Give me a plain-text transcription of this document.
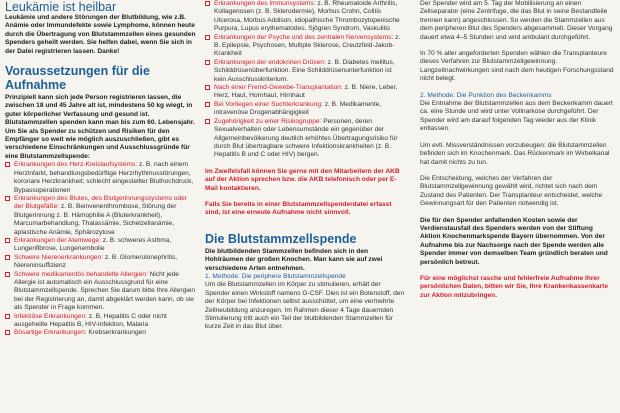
Leukämie ist heilbar

Leukämie und andere Störungen der Blutbildung, wie z.B. Anämie oder Immundefekte sowie Lymphome, können heute durch die Übertragung von Blutstammzellen eines gesunden Spenders geheilt werden. Sie helfen dabei, wenn Sie sich in der Datei registrieren lassen. Danke!

Voraussetzungen für die Aufnahme

Prinzipiell kann sich jede Person registrieren lassen, die zwischen 18 und 45 Jahre alt ist, mindestens 50 kg wiegt, in guter körperlicher Verfassung und gesund ist. Blutstammzellen spenden kann man bis zum 60. Lebensjahr. Um Sie als Spender zu schützen und Risiken für den Empfänger so weit wie möglich auszuschließen, gibt es verschiedene Einschränkungen und Ausschlussgründe für eine Blutstammzellspende:

Erkrankungen des Herz-Kreislaufsystems: z. B. nach einem Herzinfarkt, behandlungsbedürftige Herzrhythmusstörungen, koronare Herzkrankheit; schlecht eingestellter Bluthochdruck, Bypassoperationen
Erkrankungen des Blutes, des Blutgerinnungssystems oder der Blutgefäße: z. B. Beinvenenthrombose, Störung der Blutgerinnung z. B. Hämophilie A (Bluterkrankheit), Marcumarbehandlung, Thalassämie, Sichelzellanämie, aplastische Anämie, Sphärozytose
Erkrankungen der Atemwege: z. B. schweres Asthma, Lungenfibrose, Lungenembolie
Schwere Nierenerkrankungen: z. B. Glomerulonephritis, Niereninsuffizienz
Schwere medikamentös behandelte Allergien: Nicht jede Allergie ist automatisch ein Ausschlussgrund für eine Blutstammzellspende. Sprechen Sie darum bitte Ihre Allergien bei der Registrierung an, damit abgeklärt werden kann, ob sie als Spender in Frage kommen.
Infektiöse Erkrankungen: z. B. Hepatitis C oder nicht ausgeheilte Hepatitis B, HIV-Infektion, Malaria
Bösartige Erkrankungen: Krebserkrankungen
Erkrankungen des Immunsystems: z. B. Rheumatoide Arthritis, Kollagenosen (z. B. Sklerodermie), Morbus Crohn, Colitis Ulcerosa, Morbus Addison, idiopathische Thrombozytopenische Purpura, Lupus erythematodes, Sjögren Syndrom, Vaskulitis
Erkrankungen der Psyche und des zentralen Nervensystems: z. B. Epilepsie, Psychosen, Multiple Sklerose, Creutzfeld-Jakob-Krankheit
Erkrankungen der endokrinen Drüsen: z. B. Diabetes mellitus, Schilddrüsenüberfunktion. Eine Schilddrüsenunterfunktion ist kein Ausschlusskriterium.
Nach einer Fremd-Gewebe-Transplantation: z. B. Niere, Leber, Herz, Haut, Hornhaut, Hirnhaut
Bei Vorliegen einer Suchterkrankung: z. B. Medikamente, intravenöse Drogenabhängigkeit
Zugehörigkeit zu einer Risikogruppe: Personen, deren Sexualverhalten oder Lebensumstände ein gegenüber der Allgemeinbevölkerung deutlich erhöhtes Übertragungsrisiko für durch Blut übertragbare schwere Infektionskrankheiten (z. B. Hepatitis B und C oder HIV) bergen.

Im Zweifelsfall können Sie gerne mit den Mitarbeitern der AKB auf der Aktion sprechen bzw. die AKB telefonisch oder per E-Mail kontaktieren.

Falls Sie bereits in einer Blutstammzellspenderdatei erfasst sind, ist eine erneute Aufnahme nicht sinnvoll.

Die Blutstammzellspende

Die blutbildenden Stammzellen befinden sich in den Hohlräumen der großen Knochen. Man kann sie auf zwei verschiedene Arten entnehmen.

1. Methode: Die periphere Blutstammzellspende

Um die Blutstammzellen im Körper zu stimulieren, erhält der Spender einen Wirkstoff namens G-CSF. Dies ist ein Botenstoff, den der Körper bei Infektionen selbst ausschüttet, um eine vermehrte Zellneubildung anzuregen. Im Rahmen dieser 4 Tage dauernden Stimulierung tritt auch ein Teil der blutbildenden Stammzellen für kurze Zeit in das Blut über.

Der Spender wird am 5. Tag der Mobilisierung an einen Zellseparator (eine Zentrifuge, die das Blut in seine Bestandteile trennen kann) angeschlossen. So werden die Stammzellen aus dem peripheren Blut des Spenders abgesammelt. Dieser Vorgang dauert etwa 4–5 Stunden und wird ambulant durchgeführt.

In 70 % aller angeforderten Spenden wählen die Transplanteure dieses Verfahren zur Blutstammzellgewinnung. Langzeitnachwirkungen sind nach dem heutigen Forschungsstand nicht belegt.

2. Methode: Die Punktion des Beckenkamms

Die Entnahme der Blutstammzellen aus dem Beckenkamm dauert ca. eine Stunde und wird unter Vollnarkose durchgeführt. Der Spender wird am darauf folgenden Tag wieder aus der Klinik entlassen.

Um evtl. Missverständnissen vorzubeugen: die Blutstammzellen befinden sich im Knochenmark. Das Rückenmark im Wirbelkanal hat damit nichts zu tun.

Die Entscheidung, welches der Verfahren der Blutstammzellgewinnung gewählt wird, richtet sich nach dem Zustand des Patienten. Der Transplanteur entscheidet, welche Gewinnungsart für den Patienten notwendig ist.

Die für den Spender anfallenden Kosten sowie der Verdienstausfall des Spenders werden von der Stiftung Aktion Knochenmarkspende Bayern übernommen. Von der Aufnahme bis zur Nachsorge nach der Spende werden alle Spender immer von demselben Team gründlich beraten und persönlich betreut.

Für eine möglichst rasche und fehlerfreie Aufnahme Ihrer persönlichen Daten, bitten wir Sie, Ihre Krankenkassenkarte zur Aktion mitzubringen.
